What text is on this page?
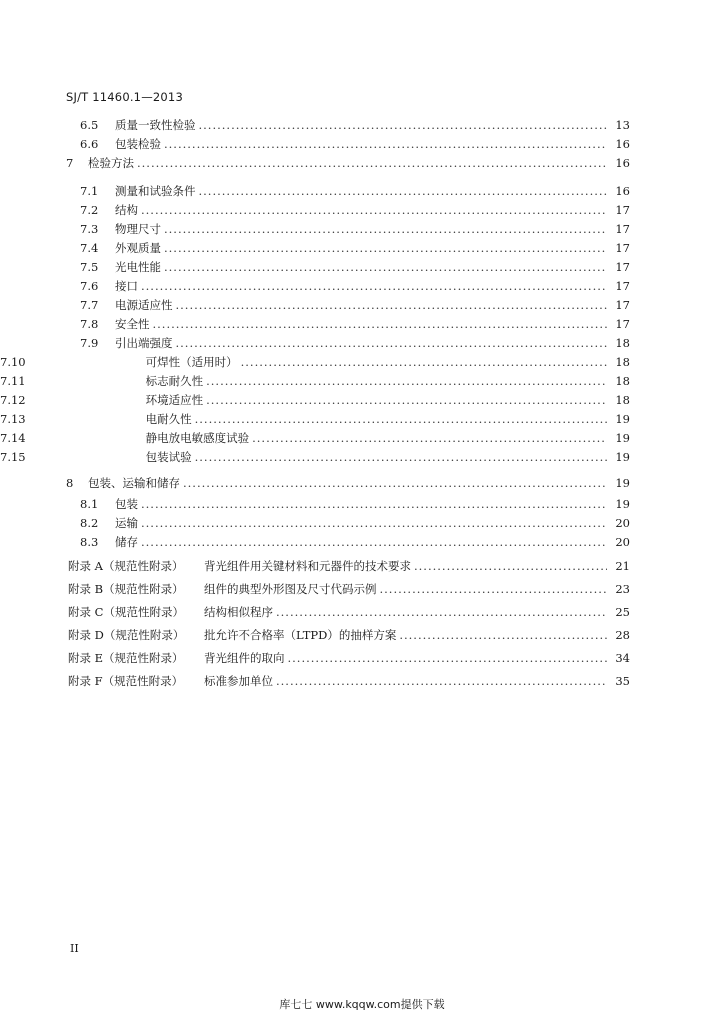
SJ/T 11460.1—2013
6.5 质量一致性检验 .....	13
6.6 包装检验 .....	16
7 检验方法 .....	16
7.1 测量和试验条件 .....	16
7.2 结构 .....	17
7.3 物理尺寸 .....	17
7.4 外观质量 .....	17
7.5 光电性能 .....	17
7.6 接口 .....	17
7.7 电源适应性 .....	17
7.8 安全性 .....	17
7.9 引出端强度 .....	18
7.10	可焊性（适用时） .....	18
7.11	标志耐久性 .....	18
7.12	环境适应性 .....	18
7.13	电耐久性 .....	19
7.14	静电放电敏感度试验 .....	19
7.15	包装试验 .....	19
8 包装、运输和储存 .....	19
8.1 包装 .....	19
8.2 运输 .....	20
8.3 储存 .....	20
附录 A（规范性附录） 背光组件用关键材料和元器件的技术要求 .....	21
附录 B（规范性附录） 组件的典型外形图及尺寸代码示例 .....	23
附录 C（规范性附录） 结构相似程序 .....	25
附录 D（规范性附录） 批允许不合格率（LTPD）的抽样方案 .....	28
附录 E（规范性附录） 背光组件的取向 .....	34
附录 F（规范性附录） 标准参加单位 .....	35
II
库七七 www.kqqw.com提供下载
